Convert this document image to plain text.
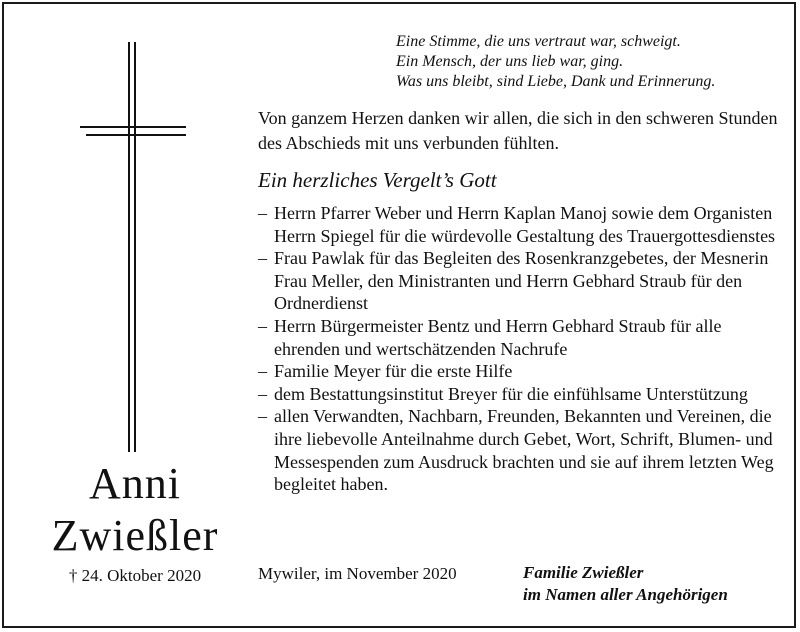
Eine Stimme, die uns vertraut war, schweigt.
Ein Mensch, der uns lieb war, ging.
Was uns bleibt, sind Liebe, Dank und Erinnerung.
Von ganzem Herzen danken wir allen, die sich in den schweren Stunden des Abschieds mit uns verbunden fühlten.
Ein herzliches Vergelt’s Gott
– Herrn Pfarrer Weber und Herrn Kaplan Manoj sowie dem Organisten Herrn Spiegel für die würdevolle Gestaltung des Trauergottesdienstes
– Frau Pawlak für das Begleiten des Rosenkranzgebetes, der Mesnerin Frau Meller, den Ministranten und Herrn Gebhard Straub für den Ordnerdienst
– Herrn Bürgermeister Bentz und Herrn Gebhard Straub für alle ehrenden und wertschätzenden Nachrufe
– Familie Meyer für die erste Hilfe
– dem Bestattungsinstitut Breyer für die einfühlsame Unterstützung
– allen Verwandten, Nachbarn, Freunden, Bekannten und Vereinen, die ihre liebevolle Anteilnahme durch Gebet, Wort, Schrift, Blumen- und Messespenden zum Ausdruck brachten und sie auf ihrem letzten Weg begleitet haben.
Anni
Zwießler
† 24. Oktober 2020	Mywiler, im November 2020	Familie Zwießler
im Namen aller Angehörigen
